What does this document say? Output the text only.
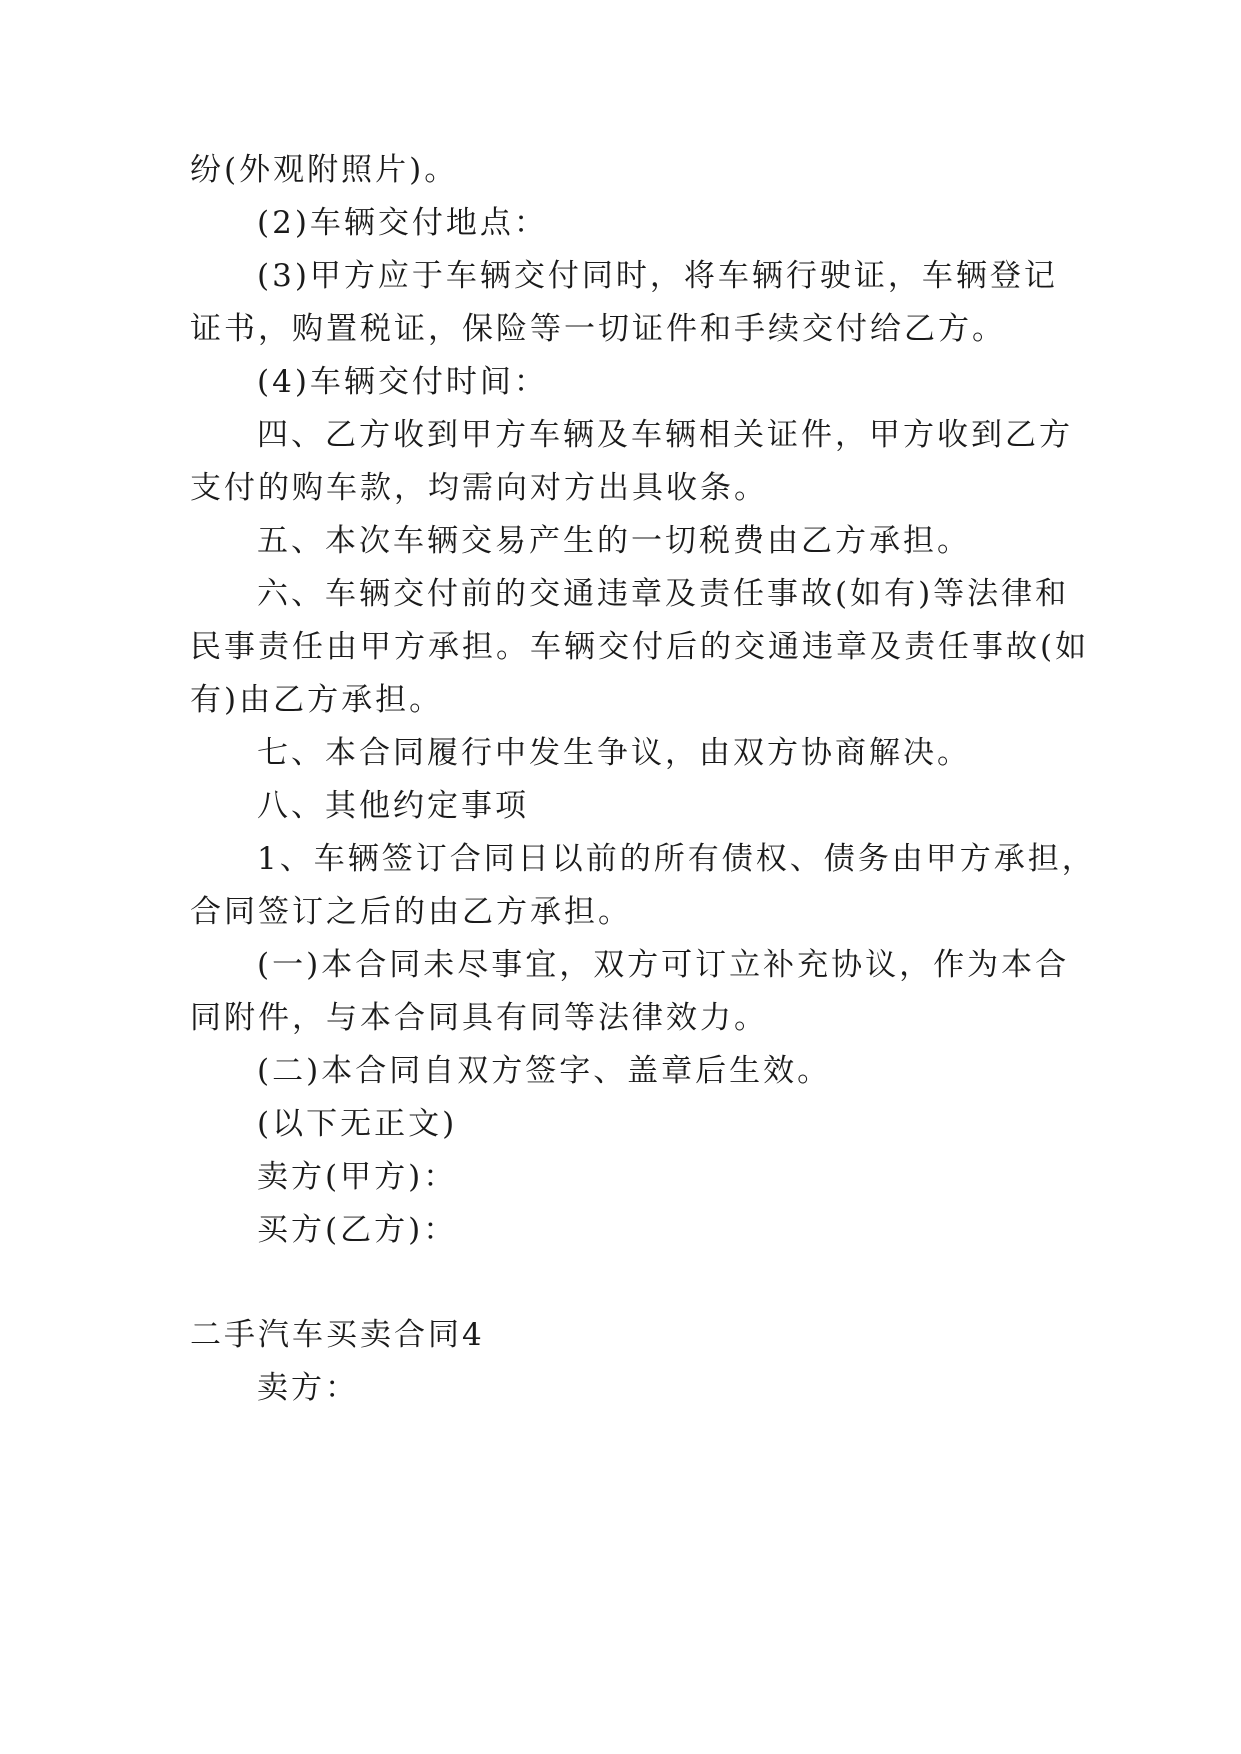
纷(外观附照片)。
(2)车辆交付地点：
(3)甲方应于车辆交付同时，将车辆行驶证，车辆登记
证书，购置税证，保险等一切证件和手续交付给乙方。
(4)车辆交付时间：
四、乙方收到甲方车辆及车辆相关证件，甲方收到乙方
支付的购车款，均需向对方出具收条。
五、本次车辆交易产生的一切税费由乙方承担。
六、车辆交付前的交通违章及责任事故(如有)等法律和
民事责任由甲方承担。车辆交付后的交通违章及责任事故(如
有)由乙方承担。
七、本合同履行中发生争议，由双方协商解决。
八、其他约定事项
1、车辆签订合同日以前的所有债权、债务由甲方承担，
合同签订之后的由乙方承担。
(一)本合同未尽事宜，双方可订立补充协议，作为本合
同附件，与本合同具有同等法律效力。
(二)本合同自双方签字、盖章后生效。
(以下无正文)
卖方(甲方)：
买方(乙方)：
二手汽车买卖合同4
卖方：
